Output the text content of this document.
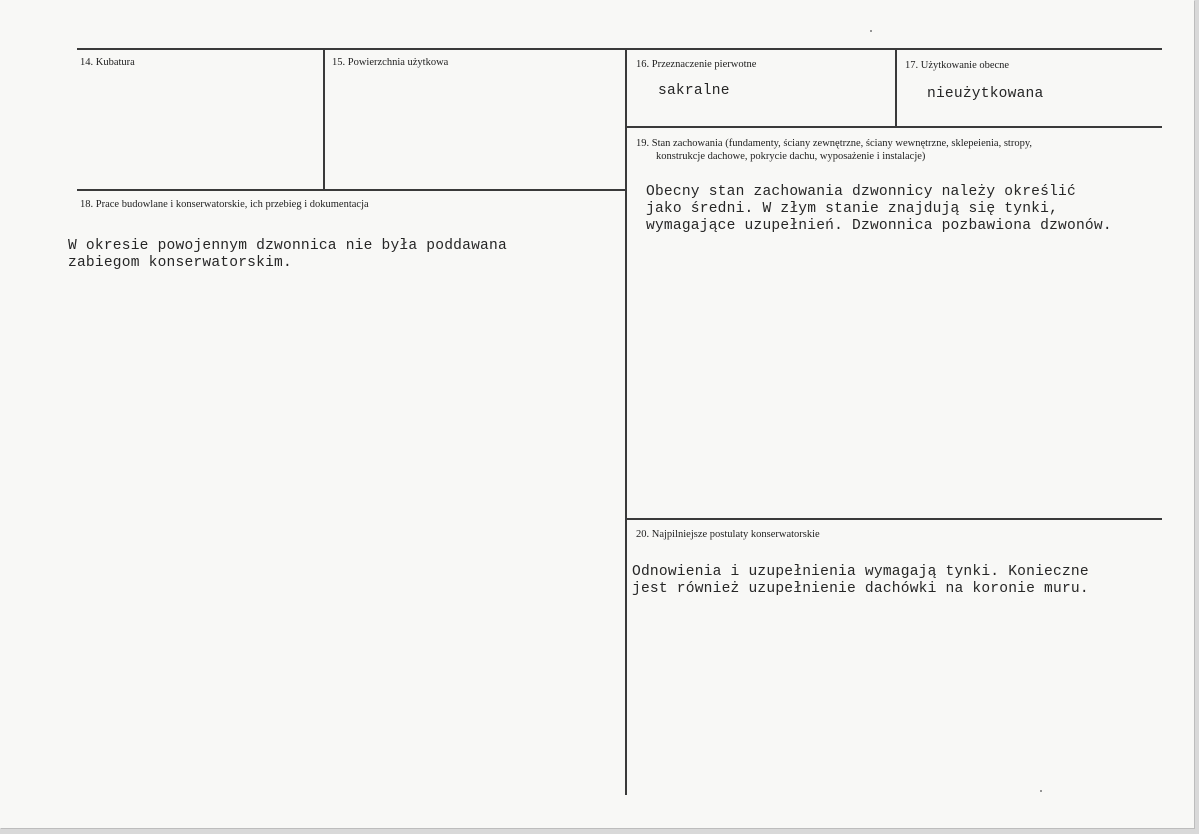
14. Kubatura	15. Powierzchnia użytkowa	16. Przeznaczenie pierwotne
sakralne
17. Użytkowanie obecne
nieużytkowana
18. Prace budowlane i konserwatorskie, ich przebieg i dokumentacja
W okresie powojennym dzwonnica nie była poddawana
zabiegom konserwatorskim.
19. Stan zachowania (fundamenty, ściany zewnętrzne, ściany wewnętrzne, sklepeienia, stropy,
konstrukcje dachowe, pokrycie dachu, wyposażenie i instalacje)
Obecny stan zachowania dzwonnicy należy określić
jako średni. W złym stanie znajdują się tynki,
wymagające uzupełnień. Dzwonnica pozbawiona dzwonów.
20. Najpilniejsze postulaty konserwatorskie
Odnowienia i uzupełnienia wymagają tynki. Konieczne
jest również uzupełnienie dachówki na koronie muru.
